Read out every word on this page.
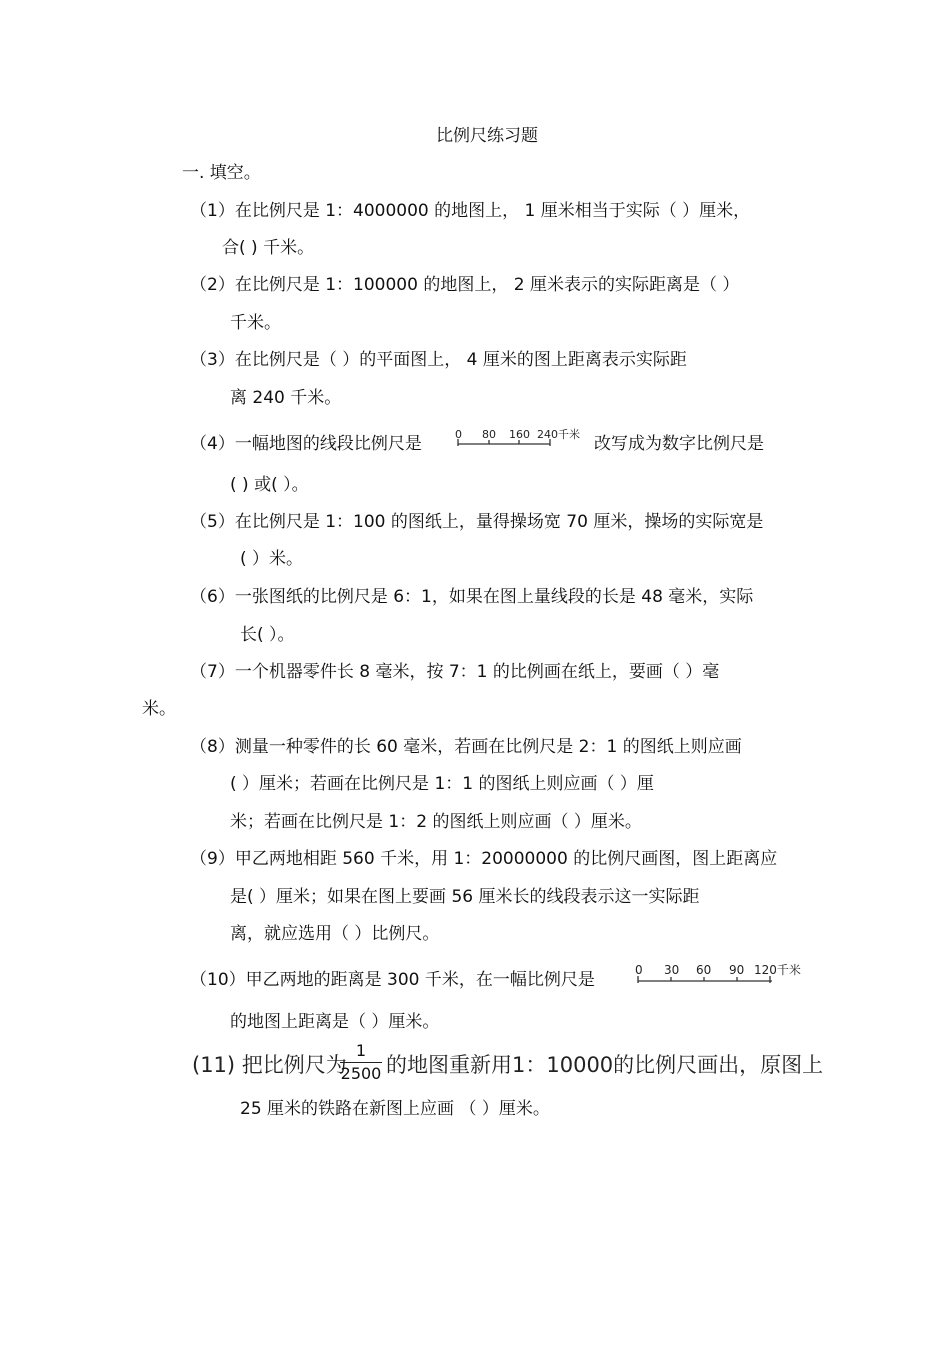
比例尺练习题
一. 填空。
（1）在比例尺是 1：4000000 的地图上， 1 厘米相当于实际（ ）厘米，
合( ) 千米。
（2）在比例尺是 1：100000 的地图上， 2 厘米表示的实际距离是（ ）
千米。
（3）在比例尺是（ ）的平面图上， 4 厘米的图上距离表示实际距
离 240 千米。
（4）一幅地图的线段比例尺是	0 80 160 240千米 改写成为数字比例尺是
( ) 或( ）。
（5）在比例尺是 1：100 的图纸上，量得操场宽 70 厘米，操场的实际宽是
( ）米。
（6）一张图纸的比例尺是 6：1，如果在图上量线段的长是 48 毫米，实际
长( ）。
（7）一个机器零件长 8 毫米，按 7：1 的比例画在纸上，要画（ ）毫
米。
（8）测量一种零件的长 60 毫米，若画在比例尺是 2：1 的图纸上则应画
( ）厘米；若画在比例尺是 1：1 的图纸上则应画（ ）厘
米；若画在比例尺是 1：2 的图纸上则应画（ ）厘米。
（9）甲乙两地相距 560 千米，用 1：20000000 的比例尺画图，图上距离应
是( ）厘米；如果在图上要画 56 厘米长的线段表示这一实际距
离，就应选用（ ）比例尺。
（10）甲乙两地的距离是 300 千米，在一幅比例尺是	0 30 60 90 120千米
的地图上距离是（ ）厘米。
(11) 把比例尺为
1
2500 的地图重新用1：10000的比例尺画出，原图上
25 厘米的铁路在新图上应画 （ ）厘米。
